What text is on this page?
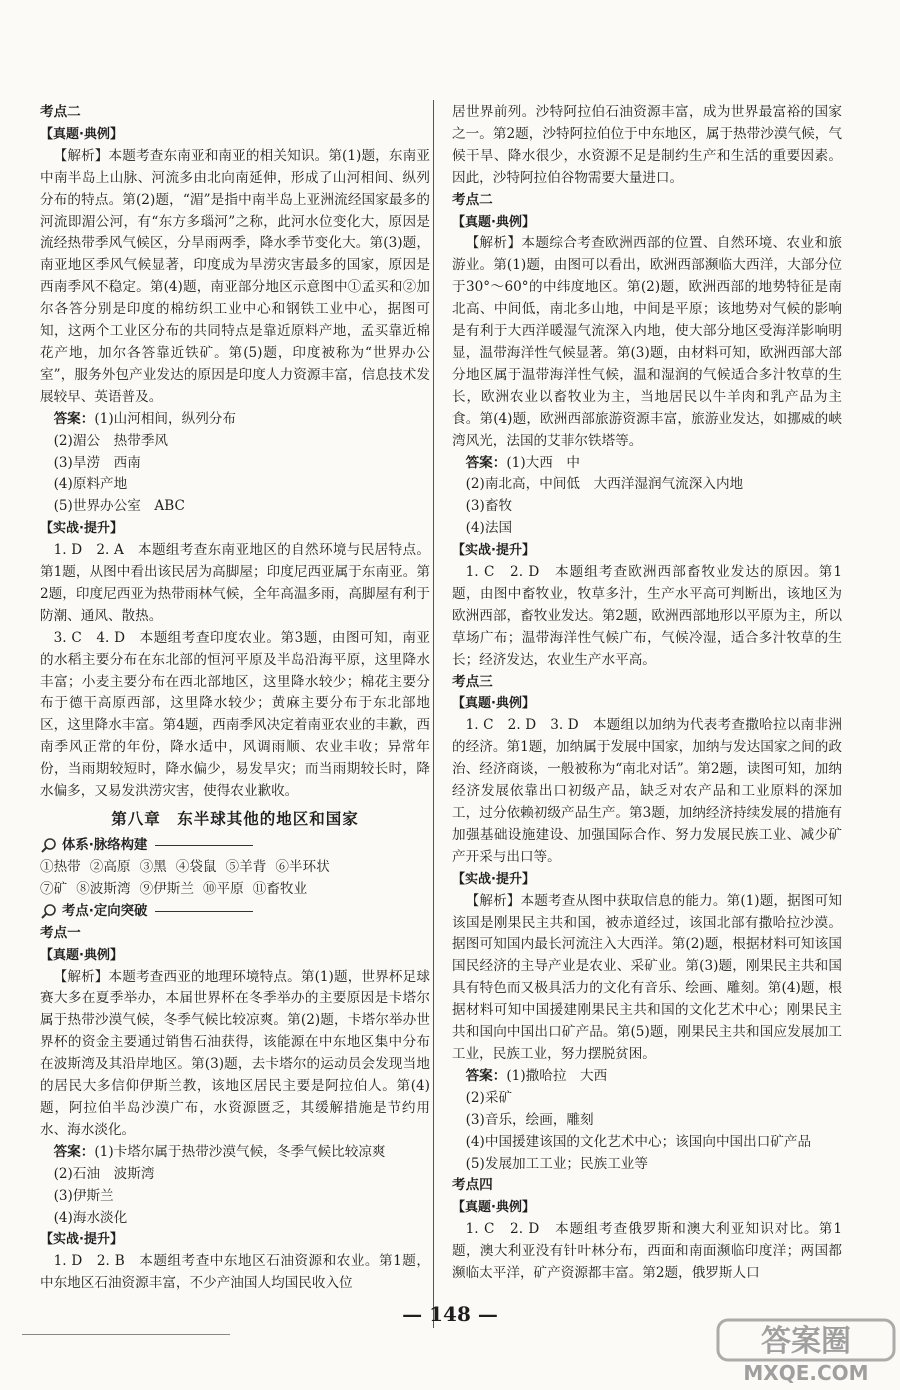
考点二

【真题·典例】

【解析】本题考查东南亚和南亚的相关知识。第(1)题，东南亚中南半岛上山脉、河流多由北向南延伸，形成了山河相间、纵列分布的特点。第(2)题，“湄”是指中南半岛上亚洲流经国家最多的河流即湄公河，有“东方多瑙河”之称，此河水位变化大，原因是流经热带季风气候区，分旱雨两季，降水季节变化大。第(3)题，南亚地区季风气候显著，印度成为旱涝灾害最多的国家，原因是西南季风不稳定。第(4)题，南亚部分地区示意图中①孟买和②加尔各答分别是印度的棉纺织工业中心和钢铁工业中心，据图可知，这两个工业区分布的共同特点是靠近原料产地，孟买靠近棉花产地，加尔各答靠近铁矿。第(5)题，印度被称为“世界办公室”，服务外包产业发达的原因是印度人力资源丰富，信息技术发展较早、英语普及。

答案：(1)山河相间，纵列分布

(2)湄公　热带季风

(3)旱涝　西南

(4)原料产地

(5)世界办公室　ABC

【实战·提升】

1. D　2. A　本题组考查东南亚地区的自然环境与民居特点。第1题，从图中看出该民居为高脚屋；印度尼西亚属于东南亚。第2题，印度尼西亚为热带雨林气候，全年高温多雨，高脚屋有利于防潮、通风、散热。

3. C　4. D　本题组考查印度农业。第3题，由图可知，南亚的水稻主要分布在东北部的恒河平原及半岛沿海平原，这里降水丰富；小麦主要分布在西北部地区，这里降水较少；棉花主要分布于德干高原西部，这里降水较少；黄麻主要分布于东北部地区，这里降水丰富。第4题，西南季风决定着南亚农业的丰歉，西南季风正常的年份，降水适中，风调雨顺、农业丰收；异常年份，当雨期较短时，降水偏少，易发旱灾；而当雨期较长时，降水偏多，又易发洪涝灾害，使得农业歉收。

第八章　东半球其他的地区和国家

体系·脉络构建
①热带 ②高原 ③黑 ④袋鼠 ⑤羊背 ⑥半环状
⑦矿 ⑧波斯湾 ⑨伊斯兰 ⑩平原 ⑪畜牧业
考点·定向突破

考点一

【真题·典例】

【解析】本题考查西亚的地理环境特点。第(1)题，世界杯足球赛大多在夏季举办，本届世界杯在冬季举办的主要原因是卡塔尔属于热带沙漠气候，冬季气候比较凉爽。第(2)题，卡塔尔举办世界杯的资金主要通过销售石油获得，该能源在中东地区集中分布在波斯湾及其沿岸地区。第(3)题，去卡塔尔的运动员会发现当地的居民大多信仰伊斯兰教，该地区居民主要是阿拉伯人。第(4)题，阿拉伯半岛沙漠广布，水资源匮乏，其缓解措施是节约用水、海水淡化。

答案：(1)卡塔尔属于热带沙漠气候，冬季气候比较凉爽

(2)石油　波斯湾

(3)伊斯兰

(4)海水淡化

【实战·提升】

1. D　2. B　本题组考查中东地区石油资源和农业。第1题，中东地区石油资源丰富，不少产油国人均国民收入位

居世界前列。沙特阿拉伯石油资源丰富，成为世界最富裕的国家之一。第2题，沙特阿拉伯位于中东地区，属于热带沙漠气候，气候干旱、降水很少，水资源不足是制约生产和生活的重要因素。因此，沙特阿拉伯谷物需要大量进口。

考点二

【真题·典例】

【解析】本题综合考查欧洲西部的位置、自然环境、农业和旅游业。第(1)题，由图可以看出，欧洲西部濒临大西洋，大部分位于30°～60°的中纬度地区。第(2)题，欧洲西部的地势特征是南北高、中间低，南北多山地，中间是平原；该地势对气候的影响是有利于大西洋暖湿气流深入内地，使大部分地区受海洋影响明显，温带海洋性气候显著。第(3)题，由材料可知，欧洲西部大部分地区属于温带海洋性气候，温和湿润的气候适合多汁牧草的生长，欧洲农业以畜牧业为主，当地居民以牛羊肉和乳产品为主食。第(4)题，欧洲西部旅游资源丰富，旅游业发达，如挪威的峡湾风光，法国的艾菲尔铁塔等。

答案：(1)大西　中

(2)南北高，中间低　大西洋湿润气流深入内地

(3)畜牧

(4)法国

【实战·提升】

1. C　2. D　本题组考查欧洲西部畜牧业发达的原因。第1题，由图中畜牧业，牧草多汁，生产水平高可判断出，该地区为欧洲西部，畜牧业发达。第2题，欧洲西部地形以平原为主，所以草场广布；温带海洋性气候广布，气候冷湿，适合多汁牧草的生长；经济发达，农业生产水平高。

考点三

【真题·典例】

1. C　2. D　3. D　本题组以加纳为代表考查撒哈拉以南非洲的经济。第1题，加纳属于发展中国家，加纳与发达国家之间的政治、经济商谈，一般被称为“南北对话”。第2题，读图可知，加纳经济发展依靠出口初级产品，缺乏对农产品和工业原料的深加工，过分依赖初级产品生产。第3题，加纳经济持续发展的措施有加强基础设施建设、加强国际合作、努力发展民族工业、减少矿产开采与出口等。

【实战·提升】

【解析】本题考查从图中获取信息的能力。第(1)题，据图可知该国是刚果民主共和国，被赤道经过，该国北部有撒哈拉沙漠。据图可知国内最长河流注入大西洋。第(2)题，根据材料可知该国国民经济的主导产业是农业、采矿业。第(3)题，刚果民主共和国具有特色而又极具活力的文化有音乐、绘画、雕刻。第(4)题，根据材料可知中国援建刚果民主共和国的文化艺术中心；刚果民主共和国向中国出口矿产品。第(5)题，刚果民主共和国应发展加工工业，民族工业，努力摆脱贫困。

答案：(1)撒哈拉　大西

(2)采矿

(3)音乐，绘画，雕刻

(4)中国援建该国的文化艺术中心；该国向中国出口矿产品

(5)发展加工工业；民族工业等

考点四

【真题·典例】

1. C　2. D　本题组考查俄罗斯和澳大利亚知识对比。第1题，澳大利亚没有针叶林分布，西面和南面濒临印度洋；两国都濒临太平洋，矿产资源都丰富。第2题，俄罗斯人口

— 148 —
答案圈
MXQE.COM
